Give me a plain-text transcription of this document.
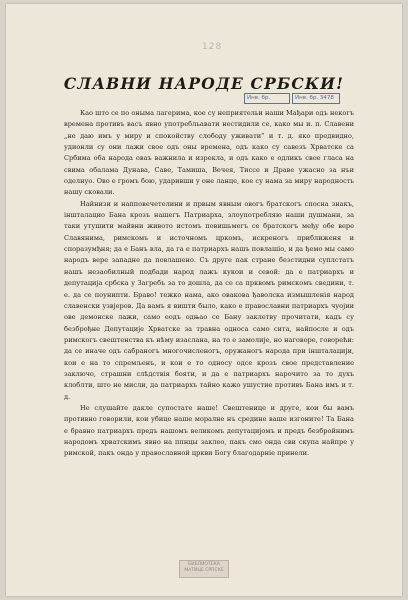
128
СЛАВНИ НАРОДЕ СРБСКИ!
Инв. бр.	Инв. бр. 3478

Као што се по оныма лагерима, кое су неприятельи наши Мађари одъ некогъ времена противъ васъ явно употребльавати нестидили се, како мы и. п. Славени „не даю имъ у миру и спокойству слободу уживати“ и т. д. яко предвидно, удионли су они лажи свое одъ оны времена, одъ како су савезъ Хрватске са Србима оба народа оваъ важнила и изрекла, и одъ како е одликъ свое гласа на свима обалама Дунава, Саве, Тамиша, Вечея, Тиссе и Драве ужасно за нъи оделнуо. Ово е громъ бою, ударивши у оне ланце, кое су нама за миру народность нашу сковали.

Найнизи и напповечетелини и првым явным овогъ братскогъ спосна знакъ, іншталацио Бана крозъ нашегъ Патриарха, злоупотребляю наши душмани, за таки утушити майвни живото истомъ повишьмегъ се братскогъ међу обе вере Славянима, римскомъ и источномъ цркомъ, искреногъ приближеня и споразумђня; да е Банъ вла, да га е патриархъ нашъ повлашіо, и да ђемо мы само народъ вере западне да повлашено. Съ друге пак стране безстидни суплстатъ нашъ незаобилный подбади народ лажъ кукои и севой: да е патриархъ и депутација србска у Загребъ за то дошла, да се са прквомъ римскомъ сведини, т. е. да се поунипти. Браво! тежко нама, ако овакова ђаволска измышленія народ славенски узвјеров. Да вамъ я вишти было, како е православни патриархъ чуојии ове демонске лажи, само еодъ одњао се Бану заклетву прочитати, кадъ су безброђне Депутације Хрватске за травна односа само сита, найпосле и одъ римскогъ свештенства къ нѣму изаслана, на то е замолије, но наговоре, говорећи: да се иначе одъ сабраногъ многочисленогъ, оружаногъ народа при іншталацији, кои е на то спремљенъ, и кои е то односу одсе крозъ свое представление заключо, страшни слѣдствія бояти, и да е патриархъ нарочито за то духъ клоблти, што не мисли, да патриархъ тайно кажо ушустие противъ Бана имъ и т. д.

Не слушайте дакле супостате наше! Свештенице и друге, кои бы вамъ противно говорили, кои убице наше моралне нъ средине ваше изгоните! Та Бана е бравно патриархъ предъ нашомъ великомъ депутацијомъ и предъ безбройнимъ народомъ хрватскимъ явно на ппнцы заклео, пакъ смо онда сви скупа найпре у римской, пакъ онда у православной цркви Богу благодарніе принели.

БИБЛИОТЕКА МАТИЦЕ СРПСКЕ
